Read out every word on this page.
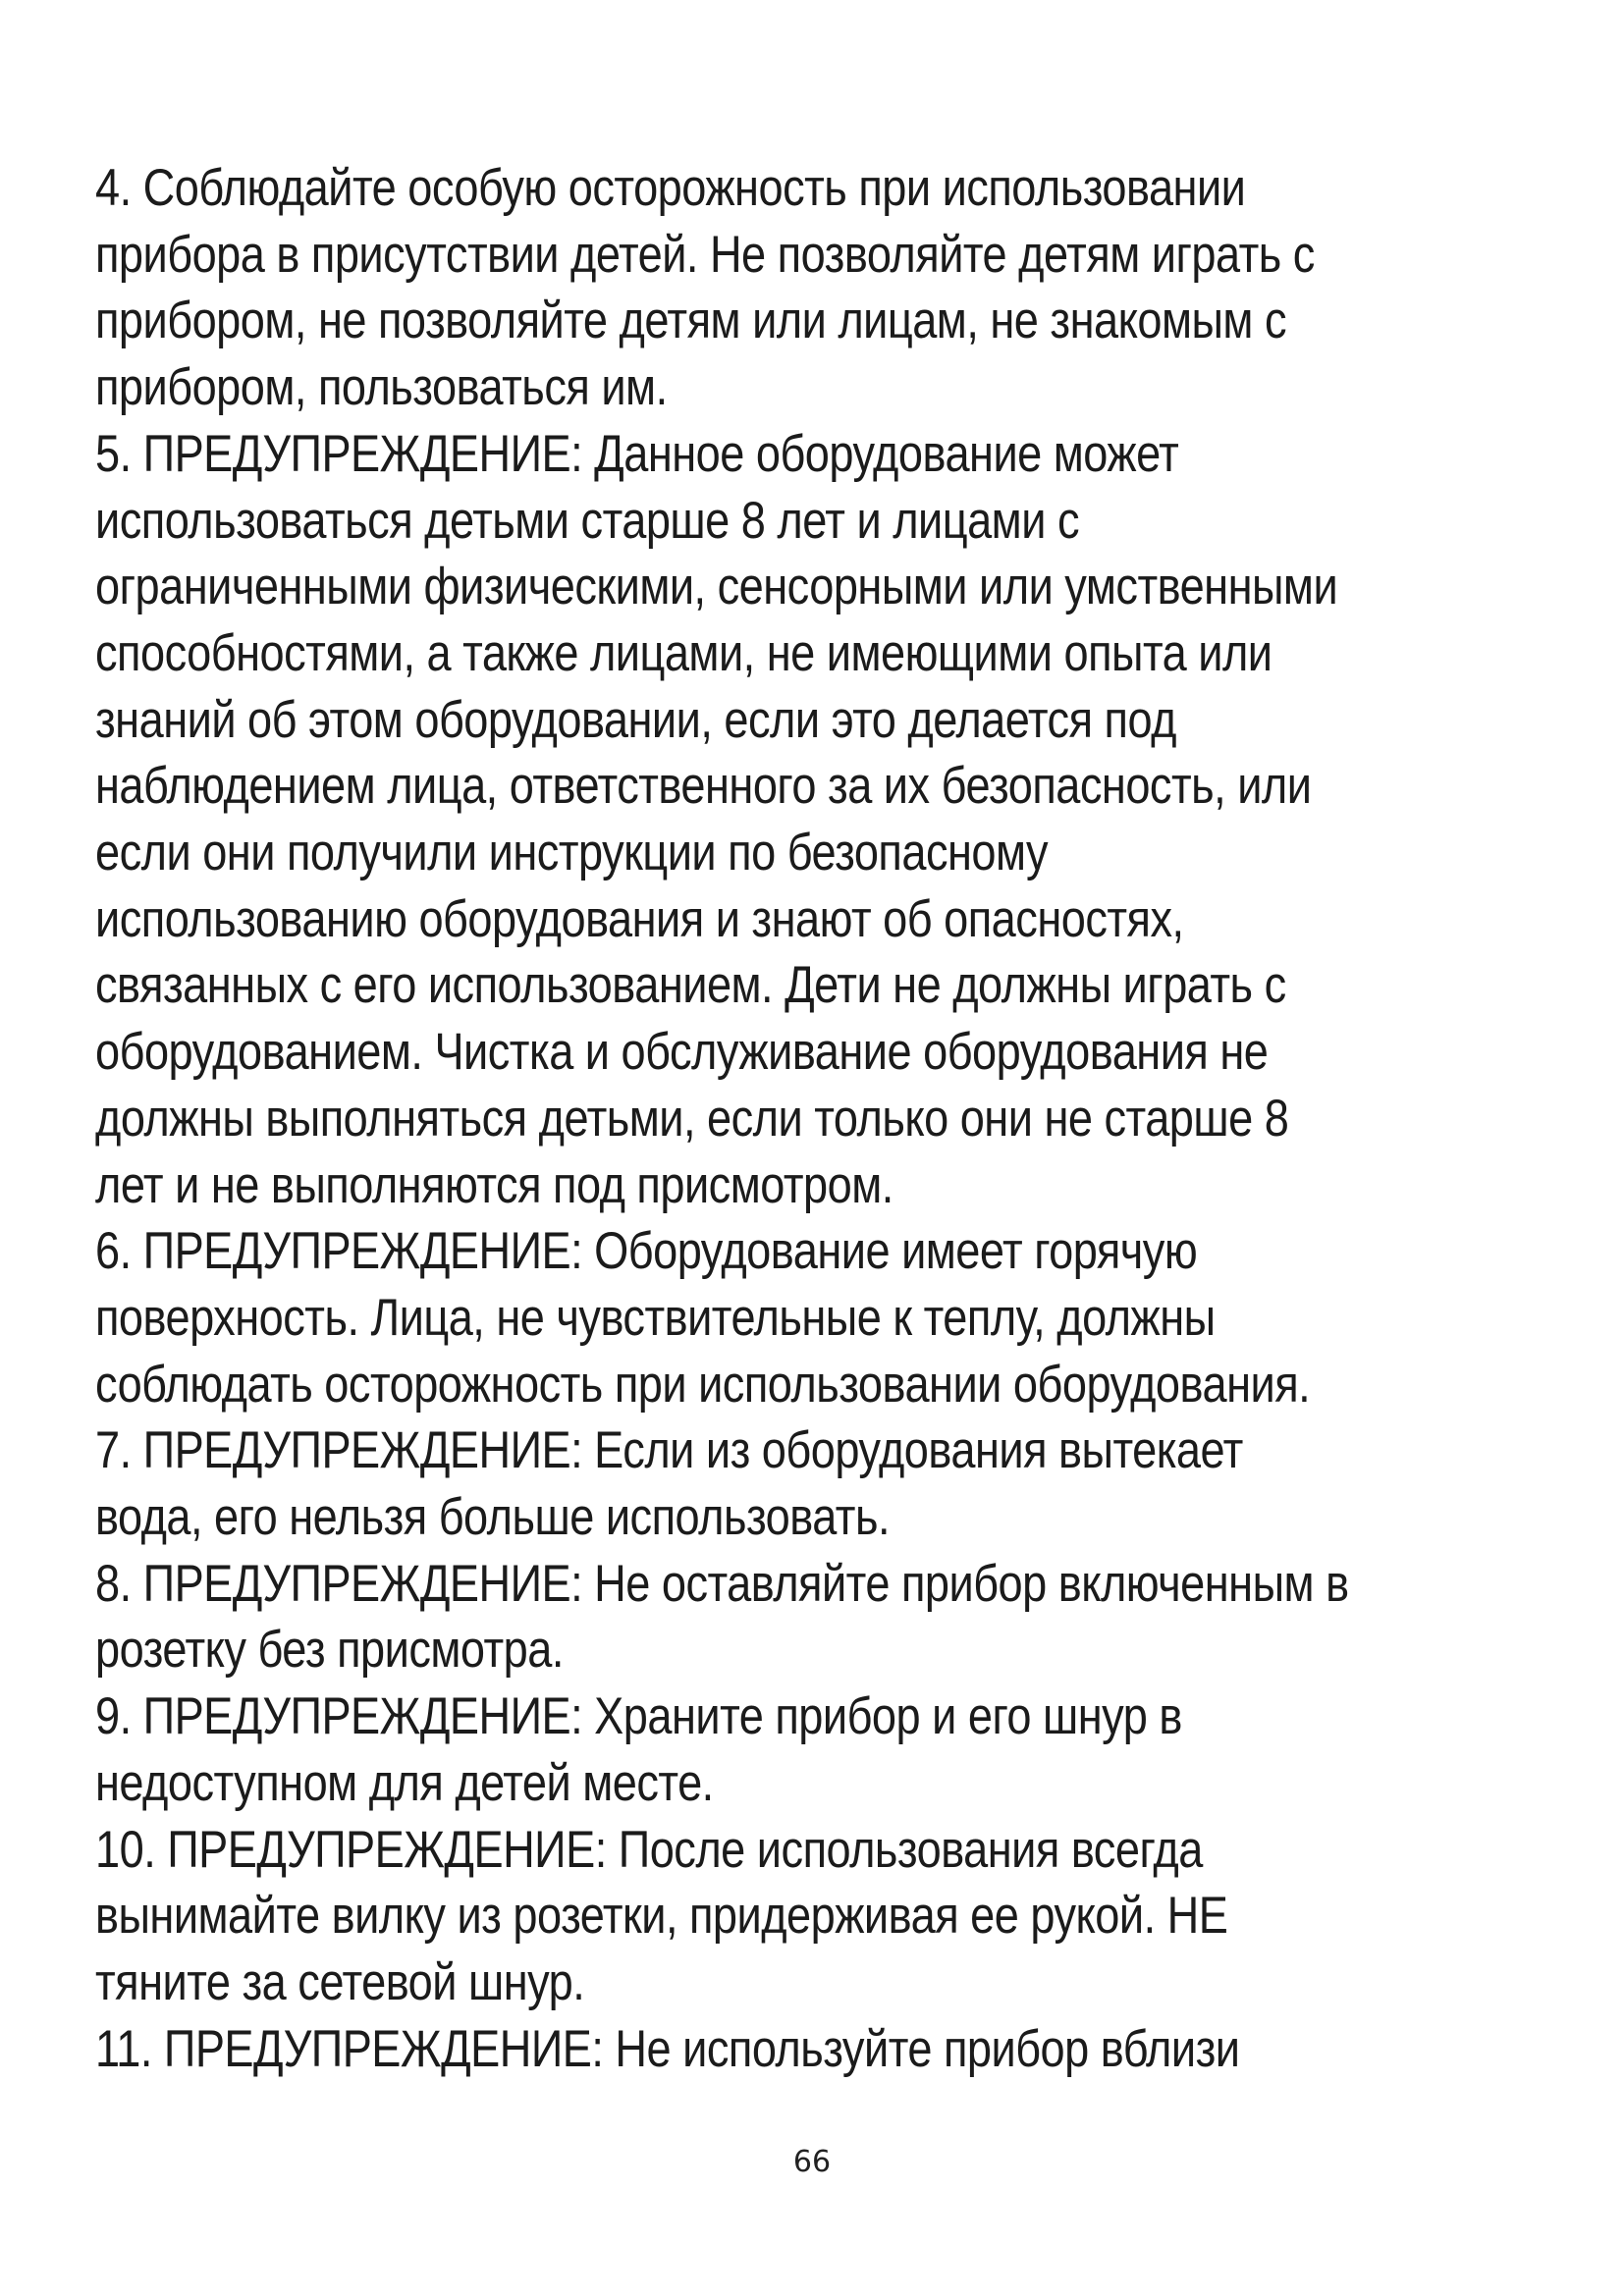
4. Соблюдайте особую осторожность при использовании
прибора в присутствии детей. Не позволяйте детям играть с
прибором, не позволяйте детям или лицам, не знакомым с
прибором, пользоваться им.
5. ПРЕДУПРЕЖДЕНИЕ: Данное оборудование может
использоваться детьми старше 8 лет и лицами с
ограниченными физическими, сенсорными или умственными
способностями, а также лицами, не имеющими опыта или
знаний об этом оборудовании, если это делается под
наблюдением лица, ответственного за их безопасность, или
если они получили инструкции по безопасному
использованию оборудования и знают об опасностях,
связанных с его использованием. Дети не должны играть с
оборудованием. Чистка и обслуживание оборудования не
должны выполняться детьми, если только они не старше 8
лет и не выполняются под присмотром.
6. ПРЕДУПРЕЖДЕНИЕ: Оборудование имеет горячую
поверхность. Лица, не чувствительные к теплу, должны
соблюдать осторожность при использовании оборудования.
7. ПРЕДУПРЕЖДЕНИЕ: Если из оборудования вытекает
вода, его нельзя больше использовать.
8. ПРЕДУПРЕЖДЕНИЕ: Не оставляйте прибор включенным в
розетку без присмотра.
9. ПРЕДУПРЕЖДЕНИЕ: Храните прибор и его шнур в
недоступном для детей месте.
10. ПРЕДУПРЕЖДЕНИЕ: После использования всегда
вынимайте вилку из розетки, придерживая ее рукой. НЕ
тяните за сетевой шнур.
11. ПРЕДУПРЕЖДЕНИЕ: Не используйте прибор вблизи
66
